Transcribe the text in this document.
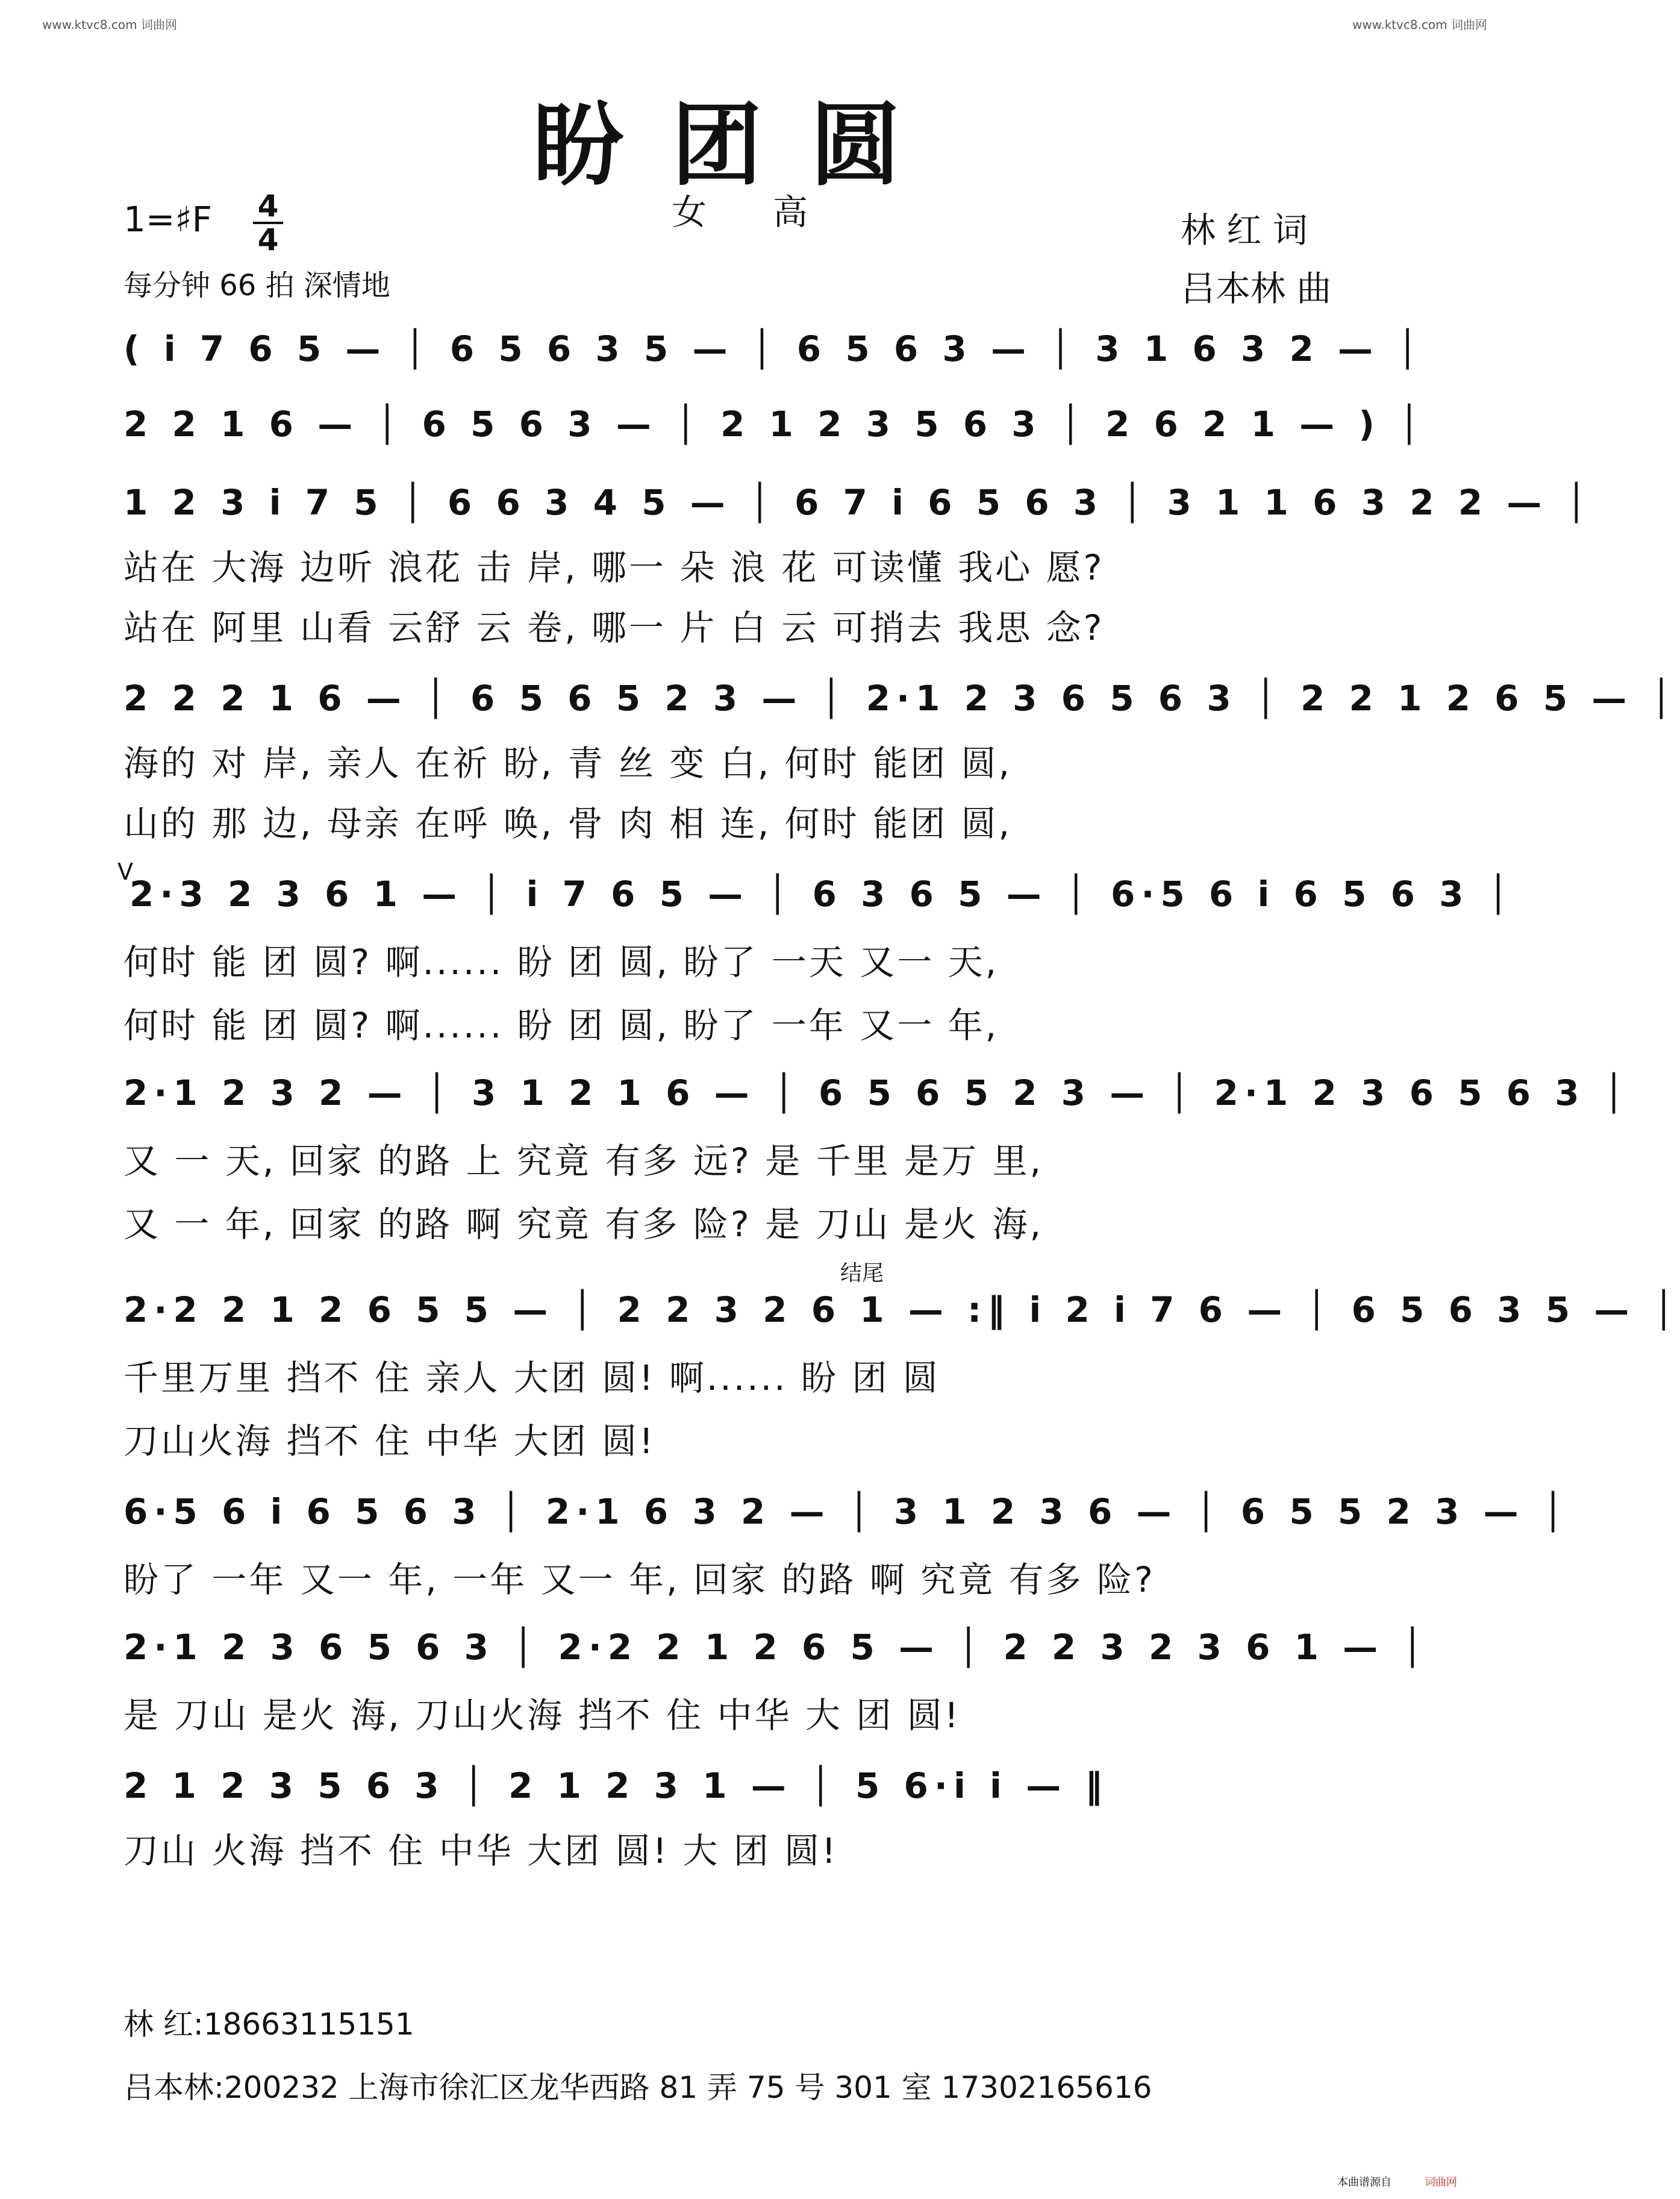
www.ktvc8.com 词曲网	www.ktvc8.com 词曲网
盼团圆
女高
1=♯F 4
4	林 红 词
吕本林 曲
每分钟 66 拍 深情地
( i 7 6 5 — │ 6 5 6 3 5 — │ 6 5 6 3 — │ 3 1 6 3 2 — │
2 2 1 6 — │ 6 5 6 3 — │ 2 1 2 3 5 6 3 │ 2 6 2 1 — ) │
1 2 3 i 7 5 │ 6 6 3 4 5 — │ 6 7 i 6 5 6 3 │ 3 1 1 6 3 2 2 — │
站在 大海 边听 浪花 击 岸, 哪一 朵 浪 花 可读懂 我心 愿?
站在 阿里 山看 云舒 云 卷, 哪一 片 白 云 可捎去 我思 念?
2 2 2 1 6 — │ 6 5 6 5 2 3 — │ 2·1 2 3 6 5 6 3 │ 2 2 1 2 6 5 — │
海的 对 岸, 亲人 在祈 盼, 青 丝 变 白, 何时 能团 圆,
山的 那 边, 母亲 在呼 唤, 骨 肉 相 连, 何时 能团 圆,
V
2·3 2 3 6 1 — │ i 7 6 5 — │ 6 3 6 5 — │ 6·5 6 i 6 5 6 3 │
何时 能 团 圆? 啊...... 盼 团 圆, 盼了 一天 又一 天,
何时 能 团 圆? 啊...... 盼 团 圆, 盼了 一年 又一 年,
2·1 2 3 2 — │ 3 1 2 1 6 — │ 6 5 6 5 2 3 — │ 2·1 2 3 6 5 6 3 │
又 一 天, 回家 的路 上 究竟 有多 远? 是 千里 是万 里,
又 一 年, 回家 的路 啊 究竟 有多 险? 是 刀山 是火 海,
结尾
2·2 2 1 2 6 5 5 — │ 2 2 3 2 6 1 — :‖ i 2 i 7 6 — │ 6 5 6 3 5 — │
千里万里 挡不 住 亲人 大团 圆! 啊...... 盼 团 圆
刀山火海 挡不 住 中华 大团 圆!
6·5 6 i 6 5 6 3 │ 2·1 6 3 2 — │ 3 1 2 3 6 — │ 6 5 5 2 3 — │
盼了 一年 又一 年, 一年 又一 年, 回家 的路 啊 究竟 有多 险?
2·1 2 3 6 5 6 3 │ 2·2 2 1 2 6 5 — │ 2 2 3 2 3 6 1 — │
是 刀山 是火 海, 刀山火海 挡不 住 中华 大 团 圆!
2 1 2 3 5 6 3 │ 2 1 2 3 1 — │ 5 6·i i — ‖
刀山 火海 挡不 住 中华 大团 圆! 大 团 圆!
林 红:18663115151
吕本林:200232 上海市徐汇区龙华西路 81 弄 75 号 301 室 17302165616
本曲谱源自	词曲网
